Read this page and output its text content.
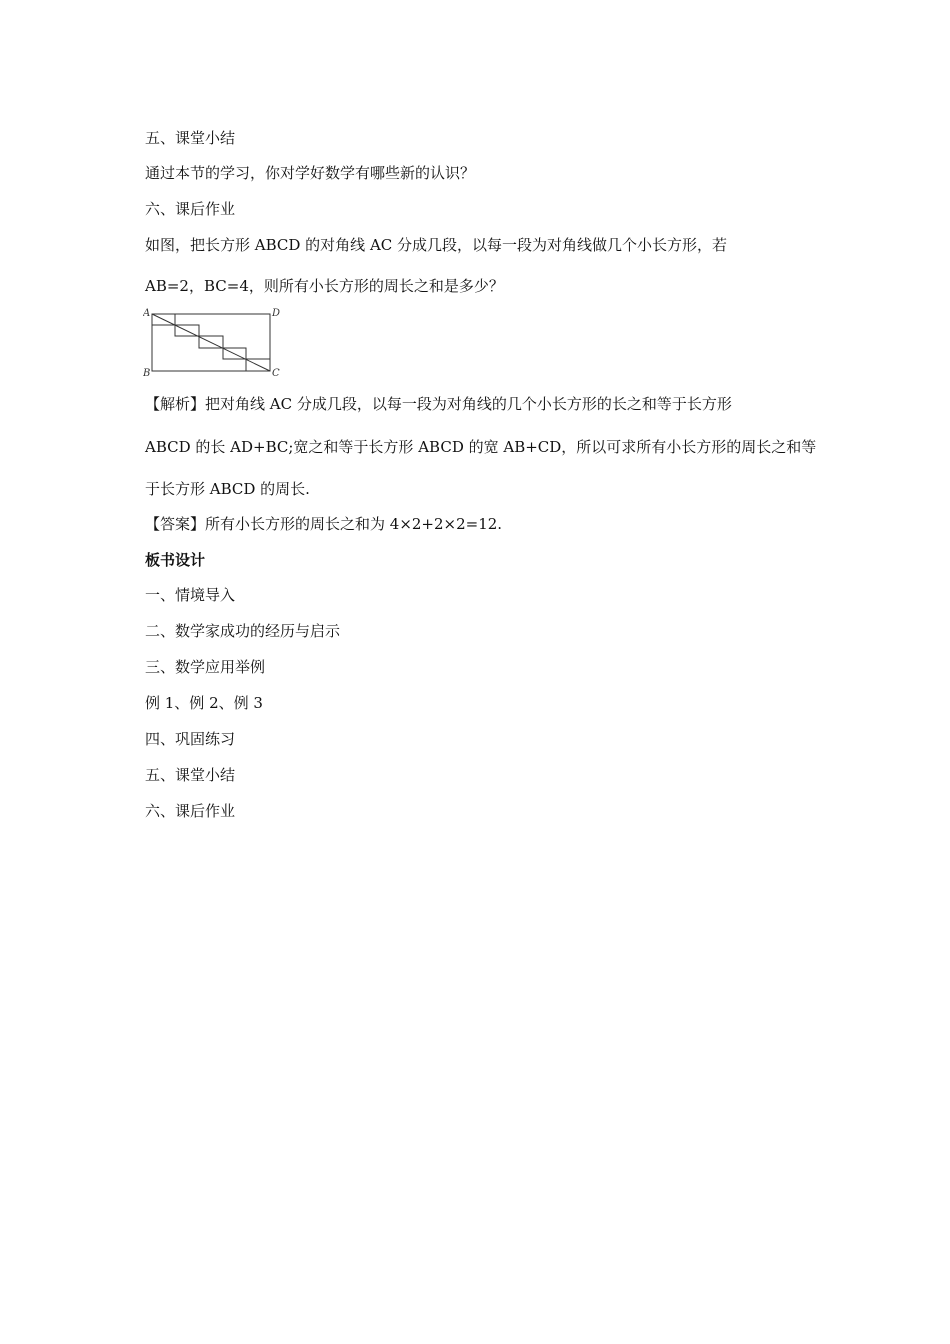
五、课堂小结
通过本节的学习，你对学好数学有哪些新的认识？
六、课后作业
如图，把长方形 ABCD 的对角线 AC 分成几段，以每一段为对角线做几个小长方形，若
AB=2，BC=4，则所有小长方形的周长之和是多少？
A
B	C
D
【解析】把对角线 AC 分成几段，以每一段为对角线的几个小长方形的长之和等于长方形
ABCD 的长 AD+BC;宽之和等于长方形 ABCD 的宽 AB+CD，所以可求所有小长方形的周长之和等
于长方形 ABCD 的周长.
【答案】所有小长方形的周长之和为 4×2+2×2=12.
板书设计
一、情境导入
二、数学家成功的经历与启示
三、数学应用举例
例 1、例 2、例 3
四、巩固练习
五、课堂小结
六、课后作业
